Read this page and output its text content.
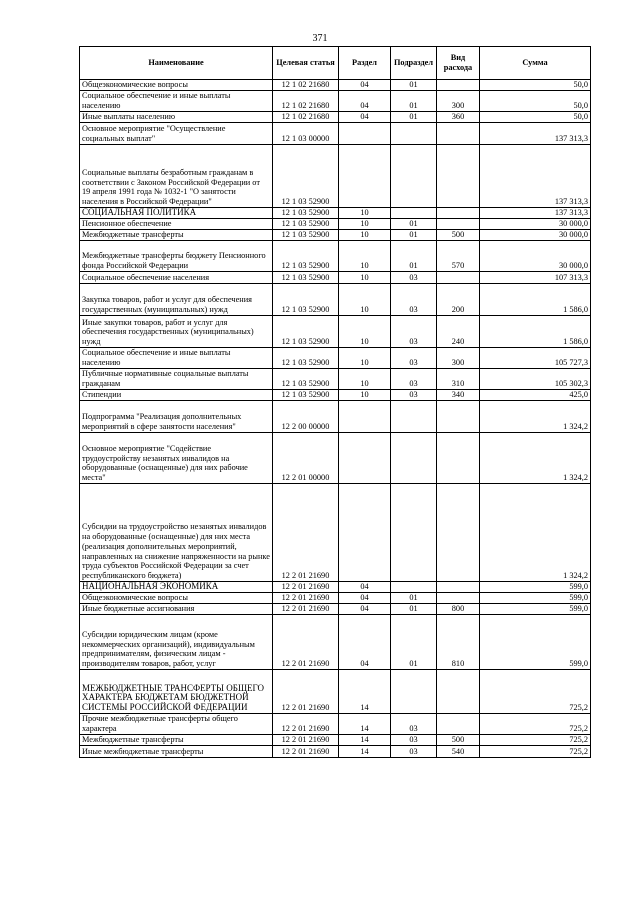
371
Наименование	Целевая статья	Раздел	Подраздел	Вид расхода	Сумма
Общеэкономические вопросы	12 1 02 21680	04	01		50,0
Социальное обеспечение и иные выплаты населению	12 1 02 21680	04	01	300	50,0
Иные выплаты населению	12 1 02 21680	04	01	360	50,0
Основное мероприятие "Осуществление социальных выплат"	12 1 03 00000				137 313,3
Социальные выплаты безработным гражданам в соответствии с Законом Российской Федерации от 19 апреля 1991 года № 1032-1 "О занятости населения в Российской Федерации"	12 1 03 52900				137 313,3
СОЦИАЛЬНАЯ ПОЛИТИКА	12 1 03 52900	10			137 313,3
Пенсионное обеспечение	12 1 03 52900	10	01		30 000,0
Межбюджетные трансферты	12 1 03 52900	10	01	500	30 000,0
Межбюджетные трансферты бюджету Пенсионного фонда Российской Федерации	12 1 03 52900	10	01	570	30 000,0
Социальное обеспечение населения	12 1 03 52900	10	03		107 313,3
Закупка товаров, работ и услуг для обеспечения государственных (муниципальных) нужд	12 1 03 52900	10	03	200	1 586,0
Иные закупки товаров, работ и услуг для обеспечения государственных (муниципальных) нужд	12 1 03 52900	10	03	240	1 586,0
Социальное обеспечение и иные выплаты населению	12 1 03 52900	10	03	300	105 727,3
Публичные нормативные социальные выплаты гражданам	12 1 03 52900	10	03	310	105 302,3
Стипендии	12 1 03 52900	10	03	340	425,0
Подпрограмма "Реализация дополнительных мероприятий в сфере занятости населения"	12 2 00 00000				1 324,2
Основное мероприятие "Содействие трудоустройству незанятых инвалидов на оборудованные (оснащенные) для них рабочие места"	12 2 01 00000				1 324,2
Субсидии на трудоустройство незанятых инвалидов на оборудованные (оснащенные) для них места (реализация дополнительных мероприятий, направленных на снижение напряженности на рынке труда субъектов Российской Федерации за счет республиканского бюджета)	12 2 01 21690				1 324,2
НАЦИОНАЛЬНАЯ ЭКОНОМИКА	12 2 01 21690	04			599,0
Общеэкономические вопросы	12 2 01 21690	04	01		599,0
Иные бюджетные ассигнования	12 2 01 21690	04	01	800	599,0
Субсидии юридическим лицам (кроме некоммерческих организаций), индивидуальным предпринимателям, физическим лицам - производителям товаров, работ, услуг	12 2 01 21690	04	01	810	599,0
МЕЖБЮДЖЕТНЫЕ ТРАНСФЕРТЫ ОБЩЕГО ХАРАКТЕРА БЮДЖЕТАМ БЮДЖЕТНОЙ СИСТЕМЫ РОССИЙСКОЙ ФЕДЕРАЦИИ	12 2 01 21690	14			725,2
Прочие межбюджетные трансферты общего характера	12 2 01 21690	14	03		725,2
Межбюджетные трансферты	12 2 01 21690	14	03	500	725,2
Иные межбюджетные трансферты	12 2 01 21690	14	03	540	725,2
